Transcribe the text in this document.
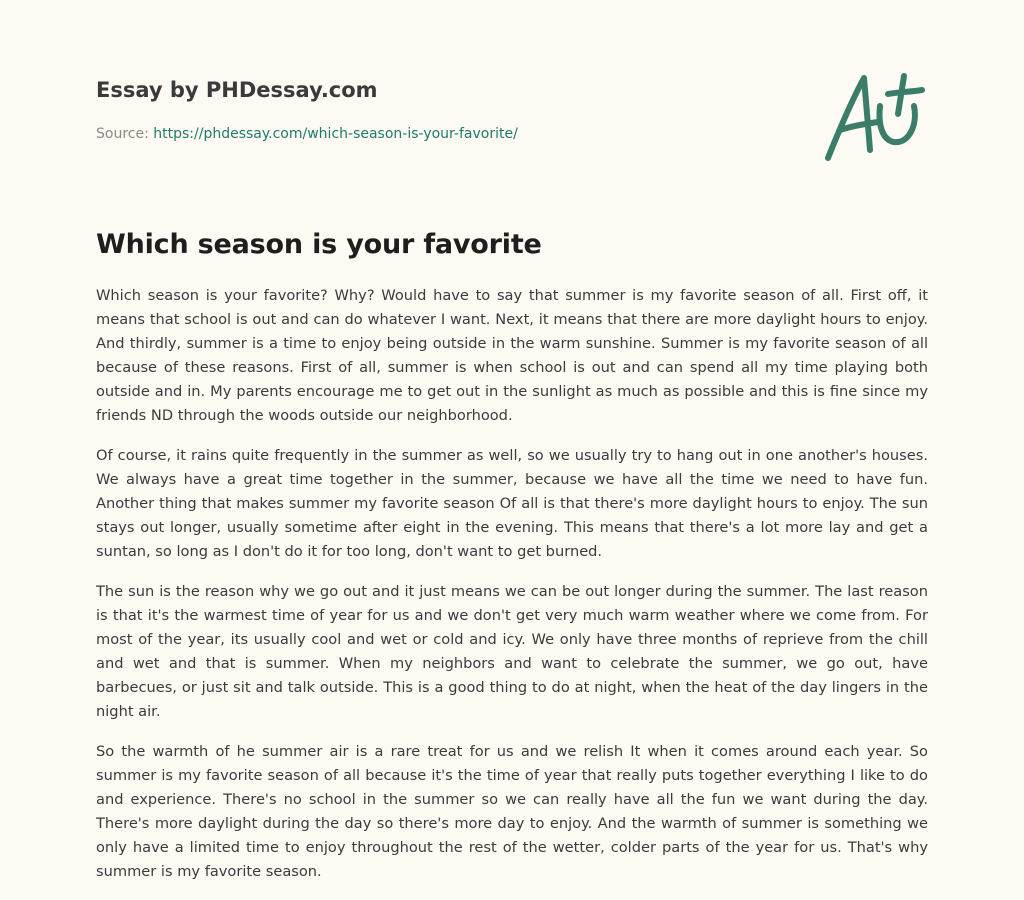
Essay by PHDessay.com
Source: https://phdessay.com/which-season-is-your-favorite/
Which season is your favorite

Which season is your favorite? Why? Would have to say that summer is my favorite season of all. First off, it means that school is out and can do whatever I want. Next, it means that there are more daylight hours to enjoy. And thirdly, summer is a time to enjoy being outside in the warm sunshine. Summer is my favorite season of all because of these reasons. First of all, summer is when school is out and can spend all my time playing both outside and in. My parents encourage me to get out in the sunlight as much as possible and this is fine since my friends ND through the woods outside our neighborhood.

Of course, it rains quite frequently in the summer as well, so we usually try to hang out in one another's houses. We always have a great time together in the summer, because we have all the time we need to have fun. Another thing that makes summer my favorite season Of all is that there's more daylight hours to enjoy. The sun stays out longer, usually sometime after eight in the evening. This means that there's a lot more lay and get a suntan, so long as I don't do it for too long, don't want to get burned.

The sun is the reason why we go out and it just means we can be out longer during the summer. The last reason is that it's the warmest time of year for us and we don't get very much warm weather where we come from. For most of the year, its usually cool and wet or cold and icy. We only have three months of reprieve from the chill and wet and that is summer. When my neighbors and want to celebrate the summer, we go out, have barbecues, or just sit and talk outside. This is a good thing to do at night, when the heat of the day lingers in the night air.

So the warmth of he summer air is a rare treat for us and we relish It when it comes around each year. So summer is my favorite season of all because it's the time of year that really puts together everything I like to do and experience. There's no school in the summer so we can really have all the fun we want during the day. There's more daylight during the day so there's more day to enjoy. And the warmth of summer is something we only have a limited time to enjoy throughout the rest of the wetter, colder parts of the year for us. That's why summer is my favorite season.
